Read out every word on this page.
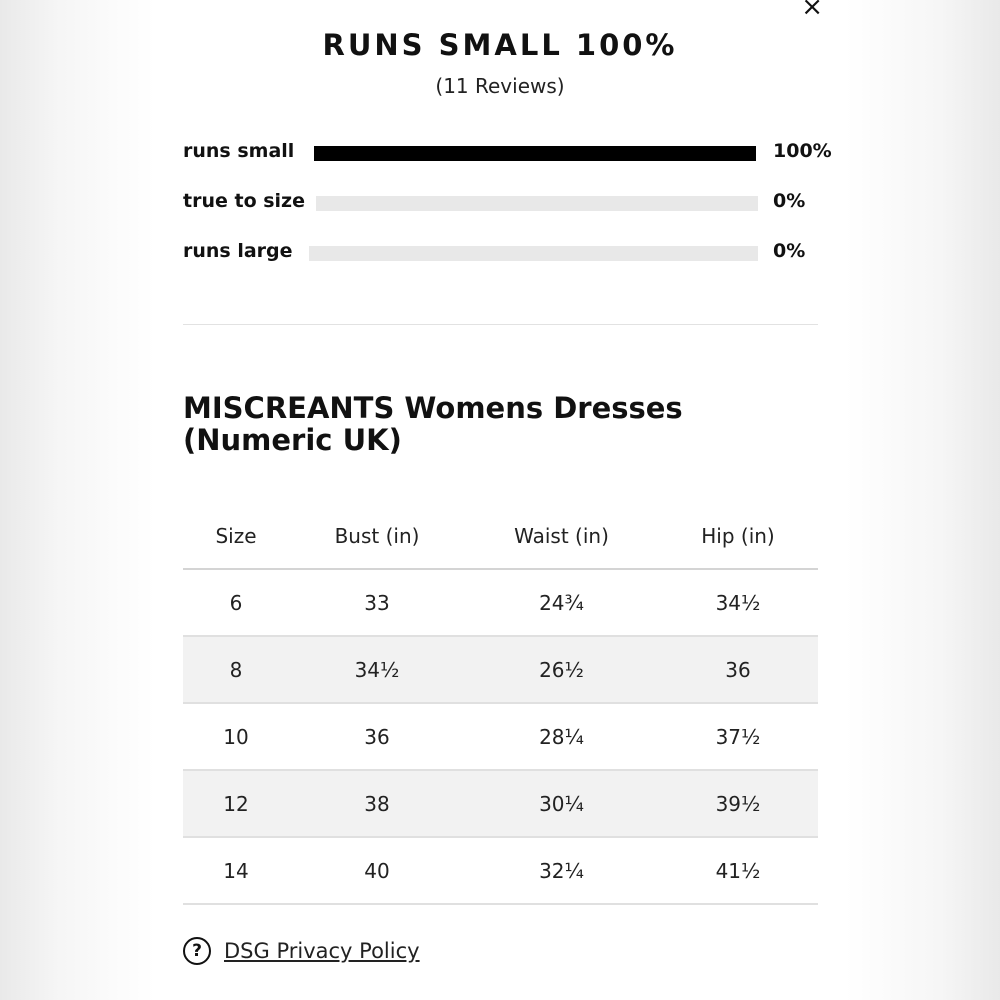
×
RUNS SMALL 100%
(11 Reviews)
runs small	100%
true to size	0%
runs large	0%
MISCREANTS Womens Dresses (Numeric UK)
Size	Bust (in)	Waist (in)	Hip (in)
6	33	24¾	34½
8	34½	26½	36
10	36	28¼	37½
12	38	30¼	39½
14	40	32¼	41½
?	DSG Privacy Policy
